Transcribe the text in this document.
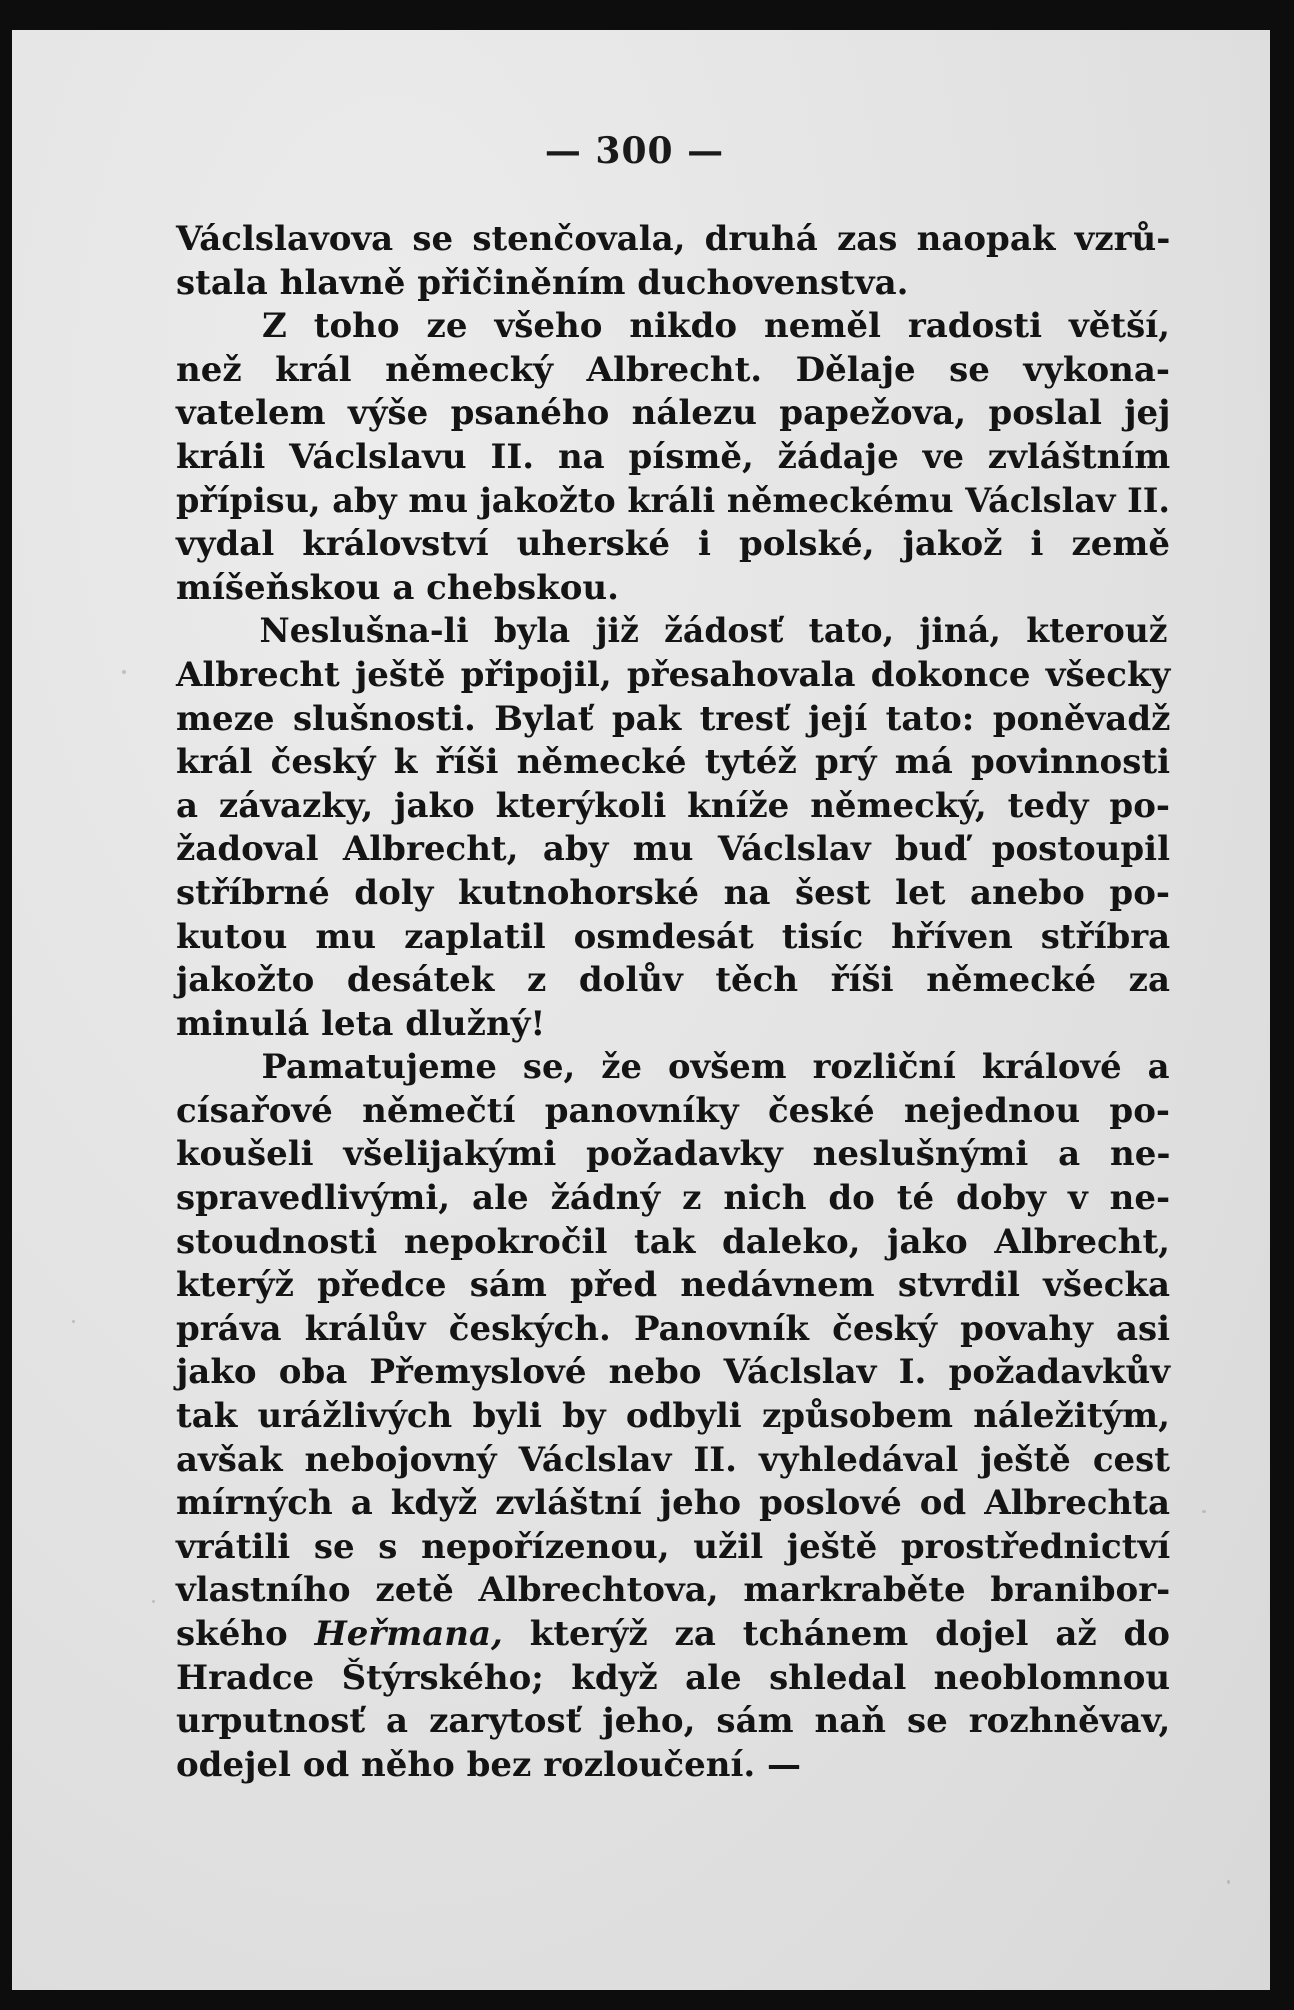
— 300 —
Václslavova se stenčovala, druhá zas naopak vzrů-
stala hlavně přičiněním duchovenstva.
Z toho ze všeho nikdo neměl radosti větší,
než král německý Albrecht. Dělaje se vykona-
vatelem výše psaného nálezu papežova, poslal jej
králi Václslavu II. na písmě, žádaje ve zvláštním
přípisu, aby mu jakožto králi německému Václslav II.
vydal království uherské i polské, jakož i země
míšeňskou a chebskou.
Neslušna-li byla již žádosť tato, jiná, kterouž
Albrecht ještě připojil, přesahovala dokonce všecky
meze slušnosti. Bylať pak tresť její tato: poněvadž
král český k říši německé tytéž prý má povinnosti
a závazky, jako kterýkoli kníže německý, tedy po-
žadoval Albrecht, aby mu Václslav buď postoupil
stříbrné doly kutnohorské na šest let anebo po-
kutou mu zaplatil osmdesát tisíc hříven stříbra
jakožto desátek z dolův těch říši německé za
minulá leta dlužný!
Pamatujeme se, že ovšem rozliční králové a
císařové němečtí panovníky české nejednou po-
koušeli všelijakými požadavky neslušnými a ne-
spravedlivými, ale žádný z nich do té doby v ne-
stoudnosti nepokročil tak daleko, jako Albrecht,
kterýž předce sám před nedávnem stvrdil všecka
práva králův českých. Panovník český povahy asi
jako oba Přemyslové nebo Václslav I. požadavkův
tak urážlivých byli by odbyli způsobem náležitým,
avšak nebojovný Václslav II. vyhledával ještě cest
mírných a když zvláštní jeho poslové od Albrechta
vrátili se s nepořízenou, užil ještě prostřednictví
vlastního zetě Albrechtova, markraběte branibor-
ského Heřmana, kterýž za tchánem dojel až do
Hradce Štýrského; když ale shledal neoblomnou
urputnosť a zarytosť jeho, sám naň se rozhněvav,
odejel od něho bez rozloučení. —
